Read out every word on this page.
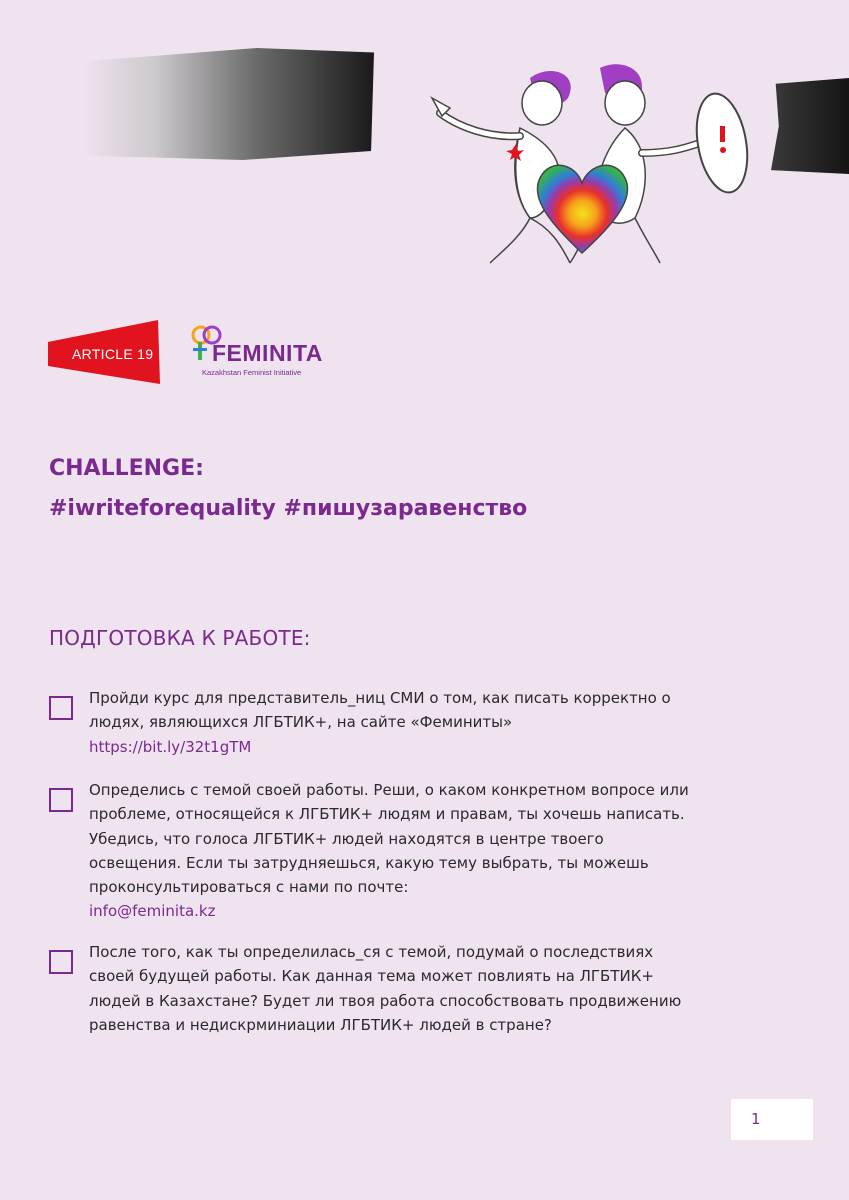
ARTICLE 19	FEMINITA
Kazakhstan Feminist Initiative
CHALLENGE:
#iwriteforequality #пишузаравенство
ПОДГОТОВКА К РАБОТЕ:
Пройди курс для представитель_ниц СМИ о том, как писать корректно о людях, являющихся ЛГБТИК+, на сайте «Феминиты»
https://bit.ly/32t1gTM
Определись с темой своей работы. Реши, о каком конкретном вопросе или проблеме, относящейся к ЛГБТИК+ людям и правам, ты хочешь написать. Убедись, что голоса ЛГБТИК+ людей находятся в центре твоего освещения. Если ты затрудняешься, какую тему выбрать, ты можешь проконсультироваться с нами по почте:
info@feminita.kz
После того, как ты определилась_ся с темой, подумай о последствиях своей будущей работы. Как данная тема может повлиять на ЛГБТИК+ людей в Казахстане? Будет ли твоя работа способствовать продвижению равенства и недискрминиации ЛГБТИК+ людей в стране?
1
